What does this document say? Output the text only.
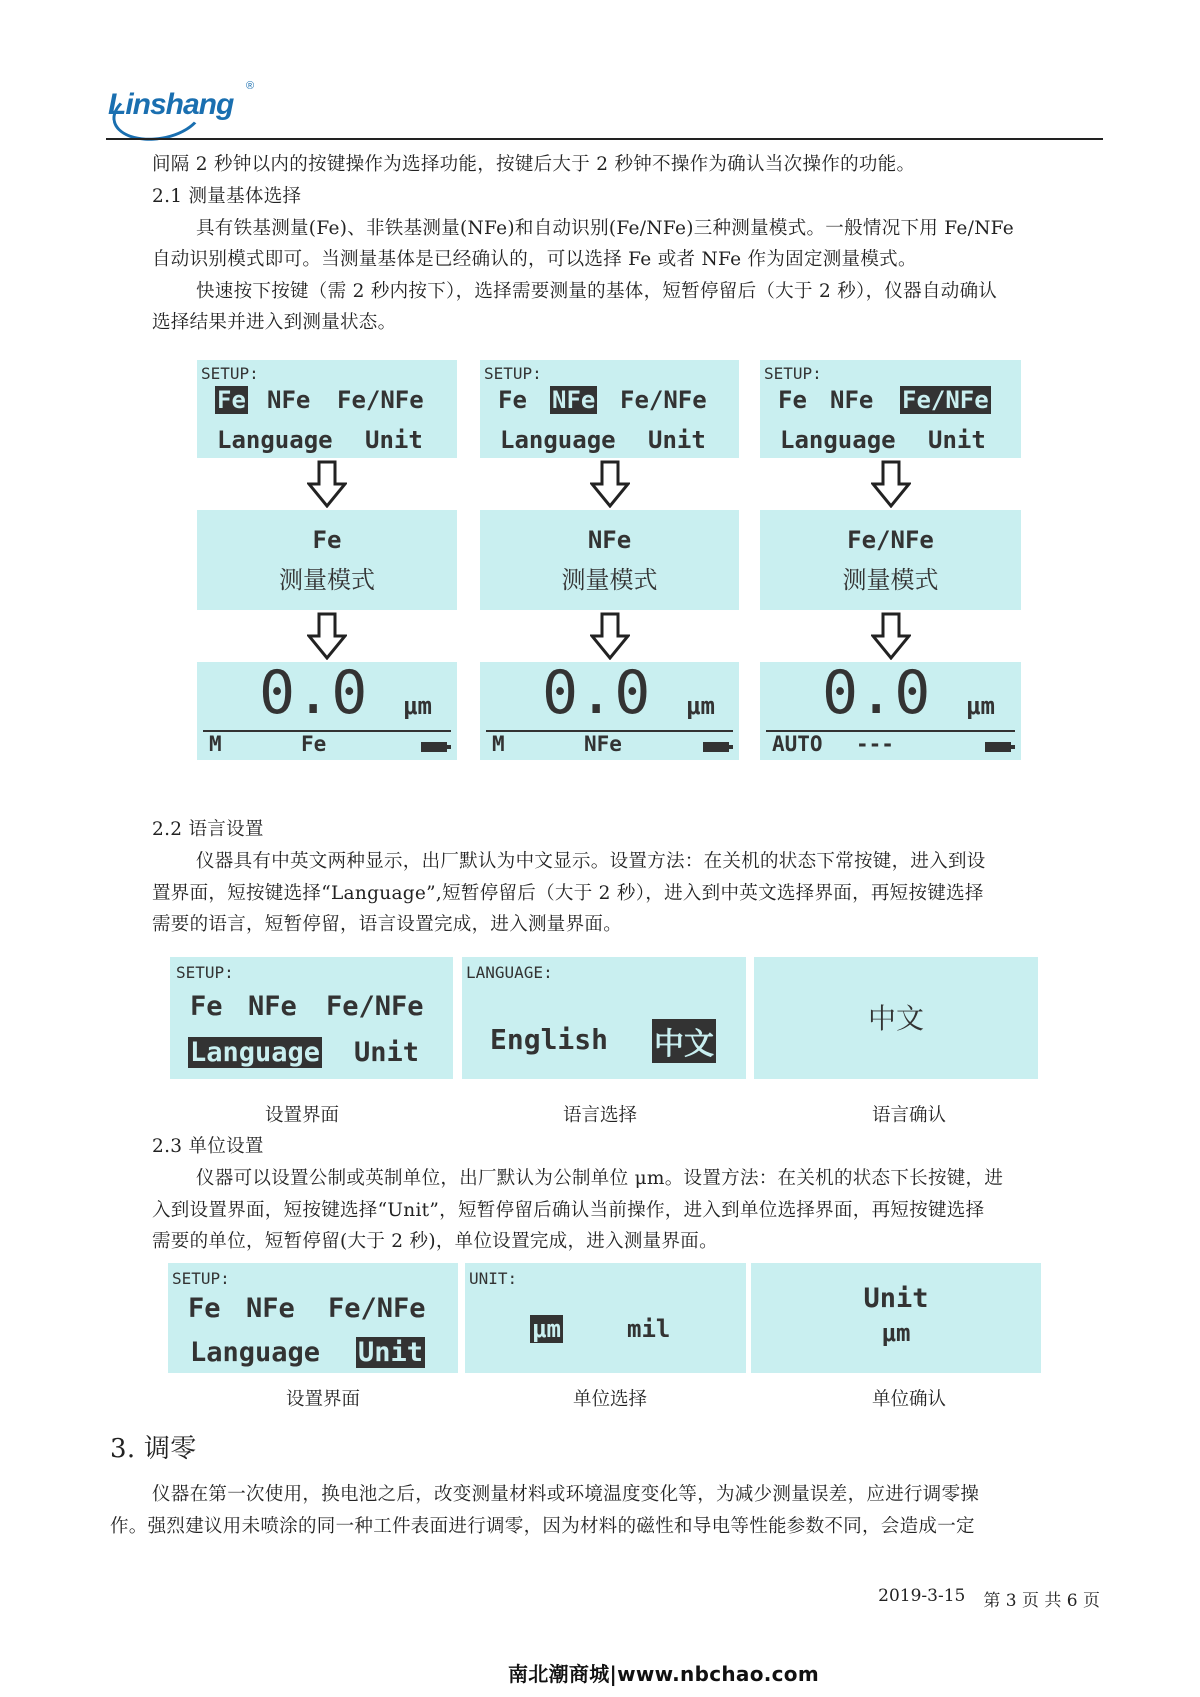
Linshang
®
间隔 2 秒钟以内的按键操作为选择功能，按键后大于 2 秒钟不操作为确认当次操作的功能。
2.1 测量基体选择
具有铁基测量(Fe)、非铁基测量(NFe)和自动识别(Fe/NFe)三种测量模式。一般情况下用 Fe/NFe
自动识别模式即可。当测量基体是已经确认的，可以选择 Fe 或者 NFe 作为固定测量模式。
快速按下按键（需 2 秒内按下），选择需要测量的基体，短暂停留后（大于 2 秒），仪器自动确认
选择结果并进入到测量状态。
SETUP:
Fe NFe Fe/NFe
Language Unit
Fe
测量模式
0.0 μm
M	Fe
SETUP:
Fe NFe Fe/NFe
Language Unit
NFe
测量模式
0.0 μm
M	NFe
SETUP:
Fe NFe Fe/NFe
Language Unit
Fe/NFe
测量模式
0.0 μm
AUTO ---
2.2 语言设置
仪器具有中英文两种显示，出厂默认为中文显示。设置方法：在关机的状态下常按键，进入到设
置界面，短按键选择“Language”,短暂停留后（大于 2 秒），进入到中英文选择界面，再短按键选择
需要的语言，短暂停留，语言设置完成，进入测量界面。
SETUP:
Fe NFe Fe/NFe
Language Unit
LANGUAGE:
English 中文
中文
设置界面	语言选择	语言确认
2.3 单位设置
仪器可以设置公制或英制单位，出厂默认为公制单位 μm。设置方法：在关机的状态下长按键，进
入到设置界面，短按键选择“Unit”，短暂停留后确认当前操作，进入到单位选择界面，再短按键选择
需要的单位，短暂停留(大于 2 秒)，单位设置完成，进入测量界面。
SETUP:
Fe NFe Fe/NFe
Language Unit
UNIT:
μm	mil
Unit
μm
设置界面	单位选择	单位确认
3. 调零
仪器在第一次使用，换电池之后，改变测量材料或环境温度变化等，为减少测量误差，应进行调零操
作。强烈建议用未喷涂的同一种工件表面进行调零，因为材料的磁性和导电等性能参数不同，会造成一定
2019-3-15 第 3 页 共 6 页
南北潮商城|www.nbchao.com
